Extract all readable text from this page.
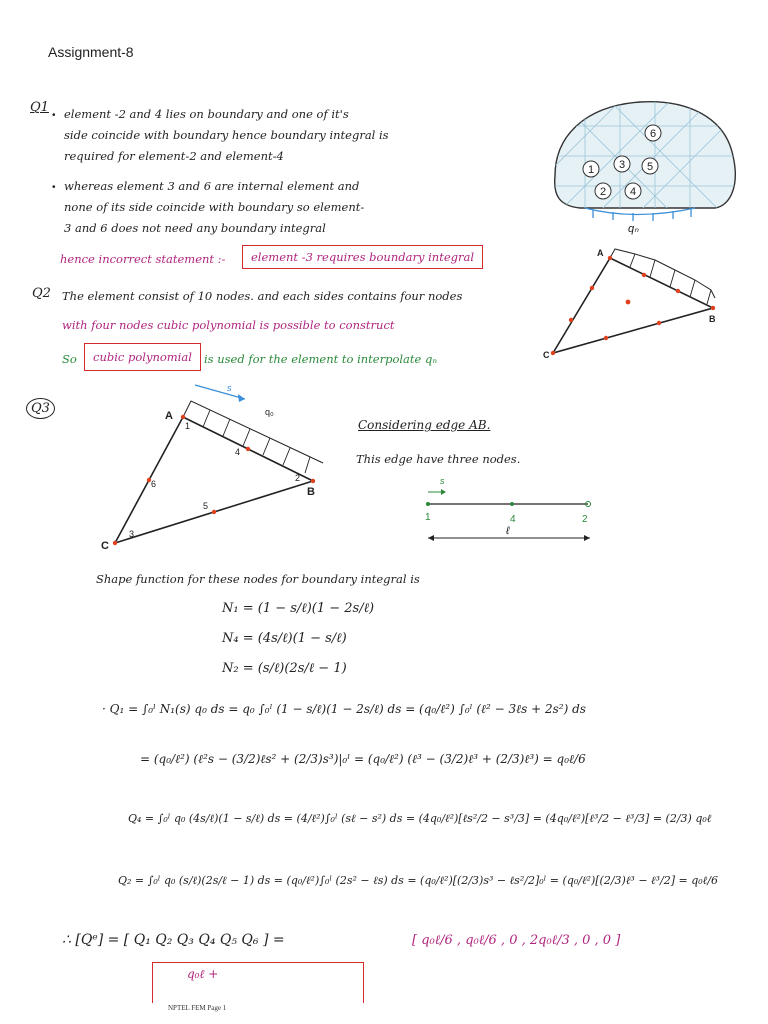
Assignment-8
Q1
• element -2 and 4 lies on boundary and one of it's
side coincide with boundary hence boundary integral is
required for element-2 and element-4
• whereas element 3 and 6 are internal element and
none of its side coincide with boundary so element-
3 and 6 does not need any boundary integral
hence incorrect statement :-	element -3 requires boundary integral
Q2 The element consist of 10 nodes. and each sides contains four nodes
with four nodes cubic polynomial is possible to construct
So	cubic polynomial	is used for the element to interpolate qₙ
Q3
Considering edge AB.
This edge have three nodes.
Shape function for these nodes for boundary integral is
N₁ = (1 − s/ℓ)(1 − 2s/ℓ)
N₄ = (4s/ℓ)(1 − s/ℓ)
N₂ = (s/ℓ)(2s/ℓ − 1)
· Q₁ = ∫₀ˡ N₁(s) q₀ ds = q₀ ∫₀ˡ (1 − s/ℓ)(1 − 2s/ℓ) ds = (q₀/ℓ²) ∫₀ˡ (ℓ² − 3ℓs + 2s²) ds
= (q₀/ℓ²) (ℓ²s − (3/2)ℓs² + (2/3)s³)|₀ˡ = (q₀/ℓ²) (ℓ³ − (3/2)ℓ³ + (2/3)ℓ³) = q₀ℓ/6
Q₄ = ∫₀ˡ q₀ (4s/ℓ)(1 − s/ℓ) ds = (4/ℓ²)∫₀ˡ (sℓ − s²) ds = (4q₀/ℓ²)[ℓs²/2 − s³/3] = (4q₀/ℓ²)[ℓ³/2 − ℓ³/3] = (2/3) q₀ℓ
Q₂ = ∫₀ˡ q₀ (s/ℓ)(2s/ℓ − 1) ds = (q₀/ℓ²)∫₀ˡ (2s² − ℓs) ds = (q₀/ℓ²)[(2/3)s³ − ℓs²/2]₀ˡ = (q₀/ℓ²)[(2/3)ℓ³ − ℓ³/2] = q₀ℓ/6
∴ [Qᵉ] = [ Q₁ Q₂ Q₃ Q₄ Q₅ Q₆ ] =	[ q₀ℓ/6 , q₀ℓ/6 , 0 , 2q₀ℓ/3 , 0 , 0 ]
q₀ℓ +
1
2
3
4
5
6
qₙ
A
B
C
s
q₀
A
B
C
1
2
3
4
5
6	s
1	4	2
ℓ
NPTEL FEM Page 1
